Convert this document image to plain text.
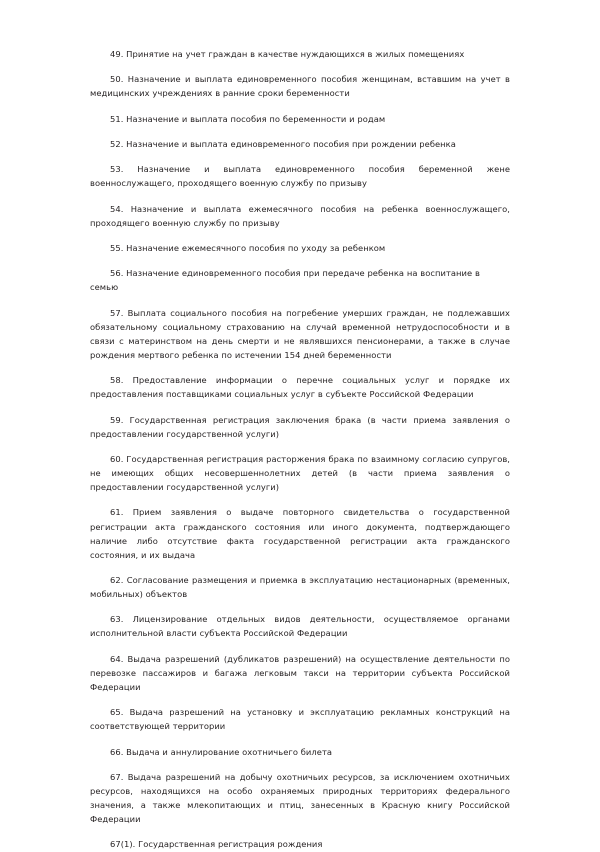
49. Принятие на учет граждан в качестве нуждающихся в жилых помещениях

50. Назначение и выплата единовременного пособия женщинам, вставшим на учет в медицинских учреждениях в ранние сроки беременности

51. Назначение и выплата пособия по беременности и родам

52. Назначение и выплата единовременного пособия при рождении ребенка

53. Назначение и выплата единовременного пособия беременной жене военнослужащего, проходящего военную службу по призыву

54. Назначение и выплата ежемесячного пособия на ребенка военнослужащего, проходящего военную службу по призыву

55. Назначение ежемесячного пособия по уходу за ребенком

56. Назначение единовременного пособия при передаче ребенка на воспитание в семью

57. Выплата социального пособия на погребение умерших граждан, не подлежавших обязательному социальному страхованию на случай временной нетрудоспособности и в связи с материнством на день смерти и не являвшихся пенсионерами, а также в случае рождения мертвого ребенка по истечении 154 дней беременности

58. Предоставление информации о перечне социальных услуг и порядке их предоставления поставщиками социальных услуг в субъекте Российской Федерации

59. Государственная регистрация заключения брака (в части приема заявления о предоставлении государственной услуги)

60. Государственная регистрация расторжения брака по взаимному согласию супругов, не имеющих общих несовершеннолетних детей (в части приема заявления о предоставлении государственной услуги)

61. Прием заявления о выдаче повторного свидетельства о государственной регистрации акта гражданского состояния или иного документа, подтверждающего наличие либо отсутствие факта государственной регистрации акта гражданского состояния, и их выдача

62. Согласование размещения и приемка в эксплуатацию нестационарных (временных, мобильных) объектов

63. Лицензирование отдельных видов деятельности, осуществляемое органами исполнительной власти субъекта Российской Федерации

64. Выдача разрешений (дубликатов разрешений) на осуществление деятельности по перевозке пассажиров и багажа легковым такси на территории субъекта Российской Федерации

65. Выдача разрешений на установку и эксплуатацию рекламных конструкций на соответствующей территории

66. Выдача и аннулирование охотничьего билета

67. Выдача разрешений на добычу охотничьих ресурсов, за исключением охотничьих ресурсов, находящихся на особо охраняемых природных территориях федерального значения, а также млекопитающих и птиц, занесенных в Красную книгу Российской Федерации

67(1). Государственная регистрация рождения
